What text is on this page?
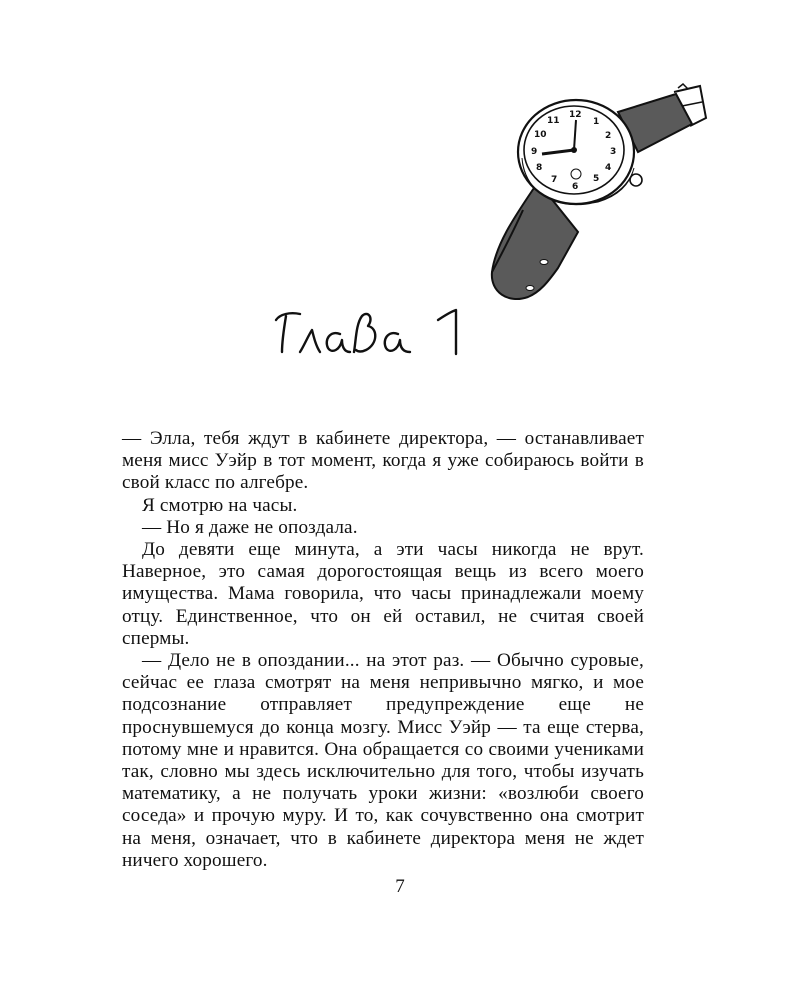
12
1
2
3
4
5
6
7
8
9
10
11

— Элла, тебя ждут в кабинете директора, — останавливает меня мисс Уэйр в тот момент, когда я уже собираюсь войти в свой класс по алгебре.

Я смотрю на часы.

— Но я даже не опоздала.

До девяти еще минута, а эти часы никогда не врут. Наверное, это самая дорогостоящая вещь из всего моего имущества. Мама говорила, что часы принадлежали моему отцу. Единственное, что он ей оставил, не считая своей спермы.

— Дело не в опоздании... на этот раз. — Обычно суровые, сейчас ее глаза смотрят на меня непривычно мягко, и мое подсознание отправляет предупреждение еще не проснувшемуся до конца мозгу. Мисс Уэйр — та еще стерва, потому мне и нравится. Она обращается со своими учениками так, словно мы здесь исключительно для того, чтобы изучать математику, а не получать уроки жизни: «возлюби своего соседа» и прочую муру. И то, как сочувственно она смотрит на меня, означает, что в кабинете директора меня не ждет ничего хорошего.

7
